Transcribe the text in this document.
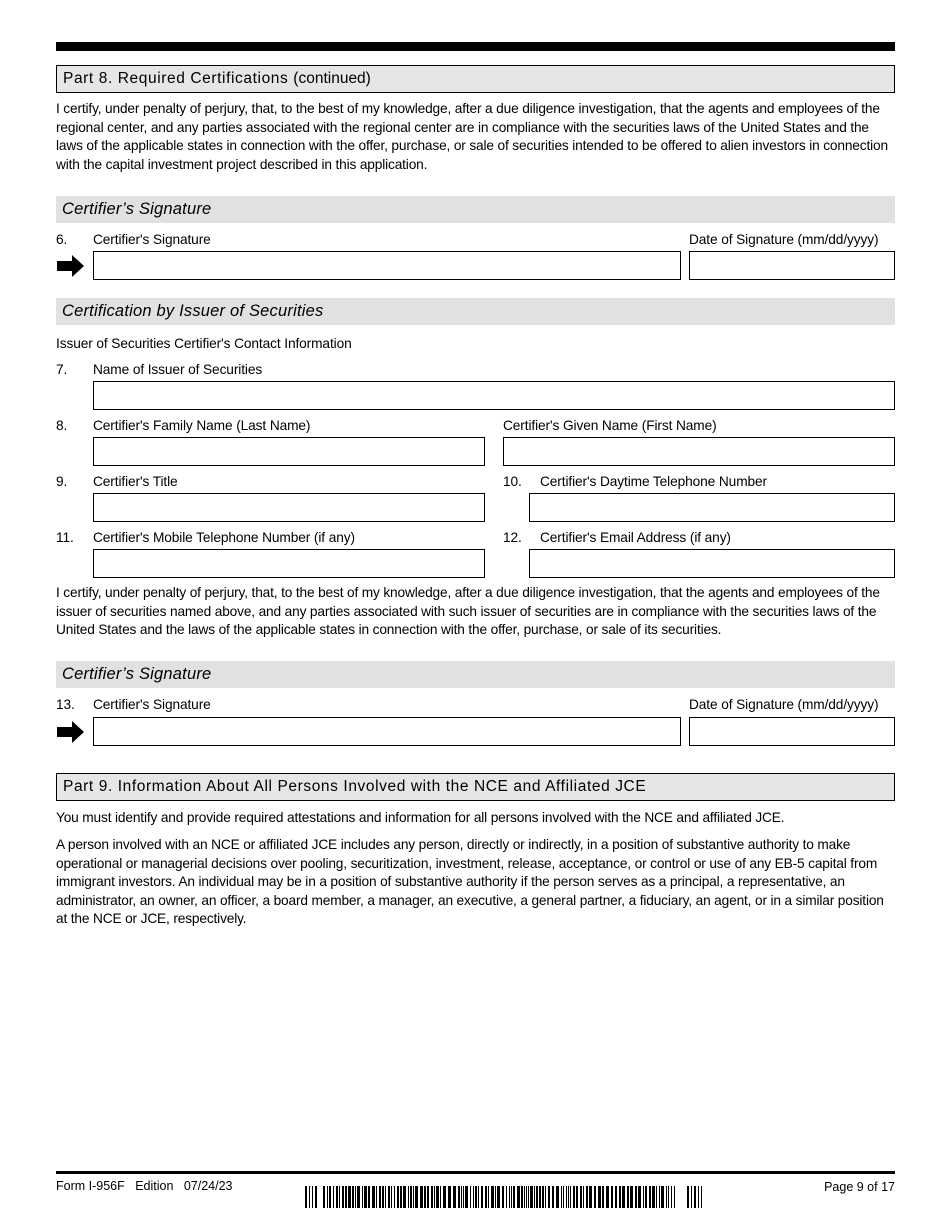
Part 8. Required Certifications (continued)
I certify, under penalty of perjury, that, to the best of my knowledge, after a due diligence investigation, that the agents and employees of the regional center, and any parties associated with the regional center are in compliance with the securities laws of the United States and the laws of the applicable states in connection with the offer, purchase, or sale of securities intended to be offered to alien investors in connection with the capital investment project described in this application.
Certifier’s Signature
6. Certifier's Signature	Date of Signature (mm/dd/yyyy)
Certification by Issuer of Securities
Issuer of Securities Certifier's Contact Information
7. Name of Issuer of Securities
8. Certifier's Family Name (Last Name)	Certifier's Given Name (First Name)
9. Certifier's Title	10. Certifier's Daytime Telephone Number
11. Certifier's Mobile Telephone Number (if any)	12. Certifier's Email Address (if any)
I certify, under penalty of perjury, that, to the best of my knowledge, after a due diligence investigation, that the agents and employees of the issuer of securities named above, and any parties associated with such issuer of securities are in compliance with the securities laws of the United States and the laws of the applicable states in connection with the offer, purchase, or sale of its securities.
Certifier’s Signature
13. Certifier's Signature	Date of Signature (mm/dd/yyyy)
Part 9. Information About All Persons Involved with the NCE and Affiliated JCE
You must identify and provide required attestations and information for all persons involved with the NCE and affiliated JCE.
A person involved with an NCE or affiliated JCE includes any person, directly or indirectly, in a position of substantive authority to make operational or managerial decisions over pooling, securitization, investment, release, acceptance, or control or use of any EB-5 capital from immigrant investors. An individual may be in a position of substantive authority if the person serves as a principal, a representative, an administrator, an owner, an officer, a board member, a manager, an executive, a general partner, a fiduciary, an agent, or in a similar position at the NCE or JCE, respectively.
Form I-956F Edition 07/24/23	Page 9 of 17
